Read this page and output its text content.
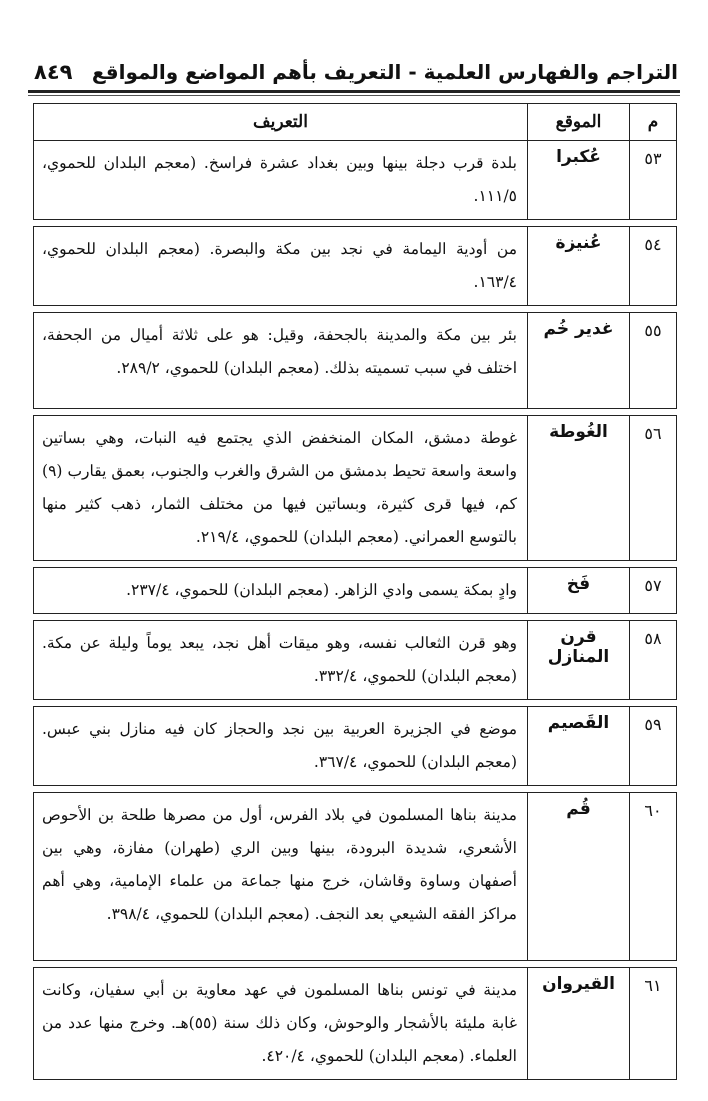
التراجم والفهارس العلمية - التعريف بأهم المواضع والمواقع
٨٤٩
م	الموقع	التعريف
٥٣	عُكبرا	بلدة قرب دجلة بينها وبين بغداد عشرة فراسخ. (معجم البلدان للحموي، ١١١/٥.

٥٤	عُنيزة	من أودية اليمامة في نجد بين مكة والبصرة. (معجم البلدان للحموي، ١٦٣/٤.

٥٥	غدير خُم	بئر بين مكة والمدينة بالجحفة، وقيل: هو على ثلاثة أميال من الجحفة، اختلف في سبب تسميته بذلك. (معجم البلدان) للحموي، ٢٨٩/٢.

٥٦	الغُوطة	غوطة دمشق، المكان المنخفض الذي يجتمع فيه النبات، وهي بساتين واسعة واسعة تحيط بدمشق من الشرق والغرب والجنوب، بعمق يقارب (٩) كم، فيها قرى كثيرة، وبساتين فيها من مختلف الثمار، ذهب كثير منها بالتوسع العمراني. (معجم البلدان) للحموي، ٢١٩/٤.

٥٧	فَخ	وادٍ بمكة يسمى وادي الزاهر. (معجم البلدان) للحموي، ٢٣٧/٤.

٥٨	قرن المنازل	وهو قرن الثعالب نفسه، وهو ميقات أهل نجد، يبعد يوماً وليلة عن مكة. (معجم البلدان) للحموي، ٣٣٢/٤.

٥٩	القَصيم	موضع في الجزيرة العربية بين نجد والحجاز كان فيه منازل بني عبس. (معجم البلدان) للحموي، ٣٦٧/٤.

٦٠	قُم	مدينة بناها المسلمون في بلاد الفرس، أول من مصرها طلحة بن الأحوص الأشعري، شديدة البرودة، بينها وبين الري (طهران) مفازة، وهي بين أصفهان وساوة وقاشان، خرج منها جماعة من علماء الإمامية، وهي أهم مراكز الفقه الشيعي بعد النجف. (معجم البلدان) للحموي، ٣٩٨/٤.

٦١	القيروان	مدينة في تونس بناها المسلمون في عهد معاوية بن أبي سفيان، وكانت غابة مليئة بالأشجار والوحوش، وكان ذلك سنة (٥٥)هـ. وخرج منها عدد من العلماء. (معجم البلدان) للحموي، ٤٢٠/٤.
